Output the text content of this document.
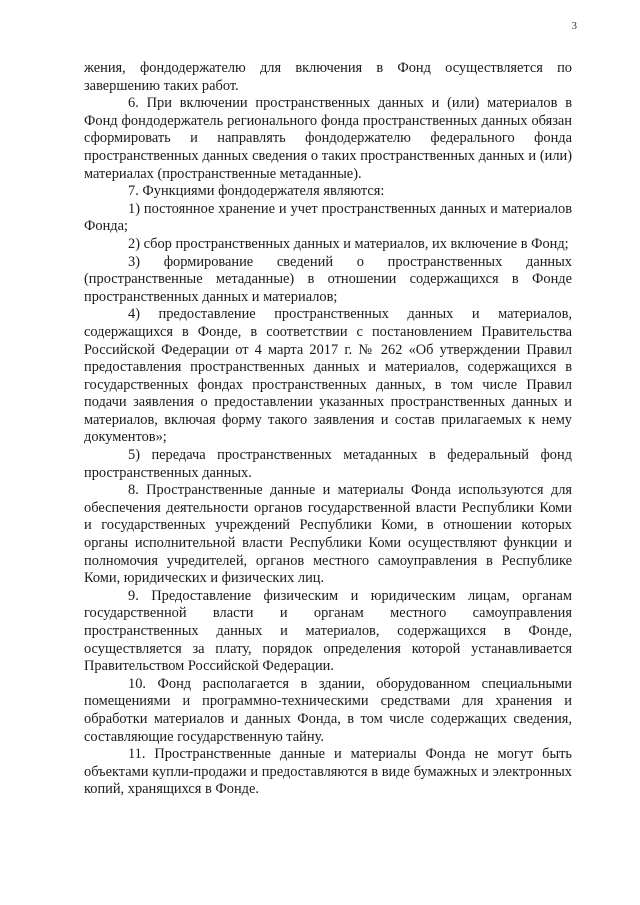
3

жения, фондодержателю для включения в Фонд осуществляется по завершению таких работ.

6. При включении пространственных данных и (или) материалов в Фонд фондодержатель регионального фонда пространственных данных обязан сформировать и направлять фондодержателю федерального фонда пространственных данных сведения о таких пространственных данных и (или) материалах (пространственные метаданные).

7. Функциями фондодержателя являются:

1) постоянное хранение и учет пространственных данных и материалов Фонда;

2) сбор пространственных данных и материалов, их включение в Фонд;

3) формирование сведений о пространственных данных (пространственные метаданные) в отношении содержащихся в Фонде пространственных данных и материалов;

4) предоставление пространственных данных и материалов, содержащихся в Фонде, в соответствии с постановлением Правительства Российской Федерации от 4 марта 2017 г. № 262 «Об утверждении Правил предоставления пространственных данных и материалов, содержащихся в государственных фондах пространственных данных, в том числе Правил подачи заявления о предоставлении указанных пространственных данных и материалов, включая форму такого заявления и состав прилагаемых к нему документов»;

5) передача пространственных метаданных в федеральный фонд пространственных данных.

8. Пространственные данные и материалы Фонда используются для обеспечения деятельности органов государственной власти Республики Коми и государственных учреждений Республики Коми, в отношении которых органы исполнительной власти Республики Коми осуществляют функции и полномочия учредителей, органов местного самоуправления в Республике Коми, юридических и физических лиц.

9. Предоставление физическим и юридическим лицам, органам государственной власти и органам местного самоуправления пространственных данных и материалов, содержащихся в Фонде, осуществляется за плату, порядок определения которой устанавливается Правительством Российской Федерации.

10. Фонд располагается в здании, оборудованном специальными помещениями и программно-техническими средствами для хранения и обработки материалов и данных Фонда, в том числе содержащих сведения, составляющие государственную тайну.

11. Пространственные данные и материалы Фонда не могут быть объектами купли-продажи и предоставляются в виде бумажных и электронных копий, хранящихся в Фонде.
